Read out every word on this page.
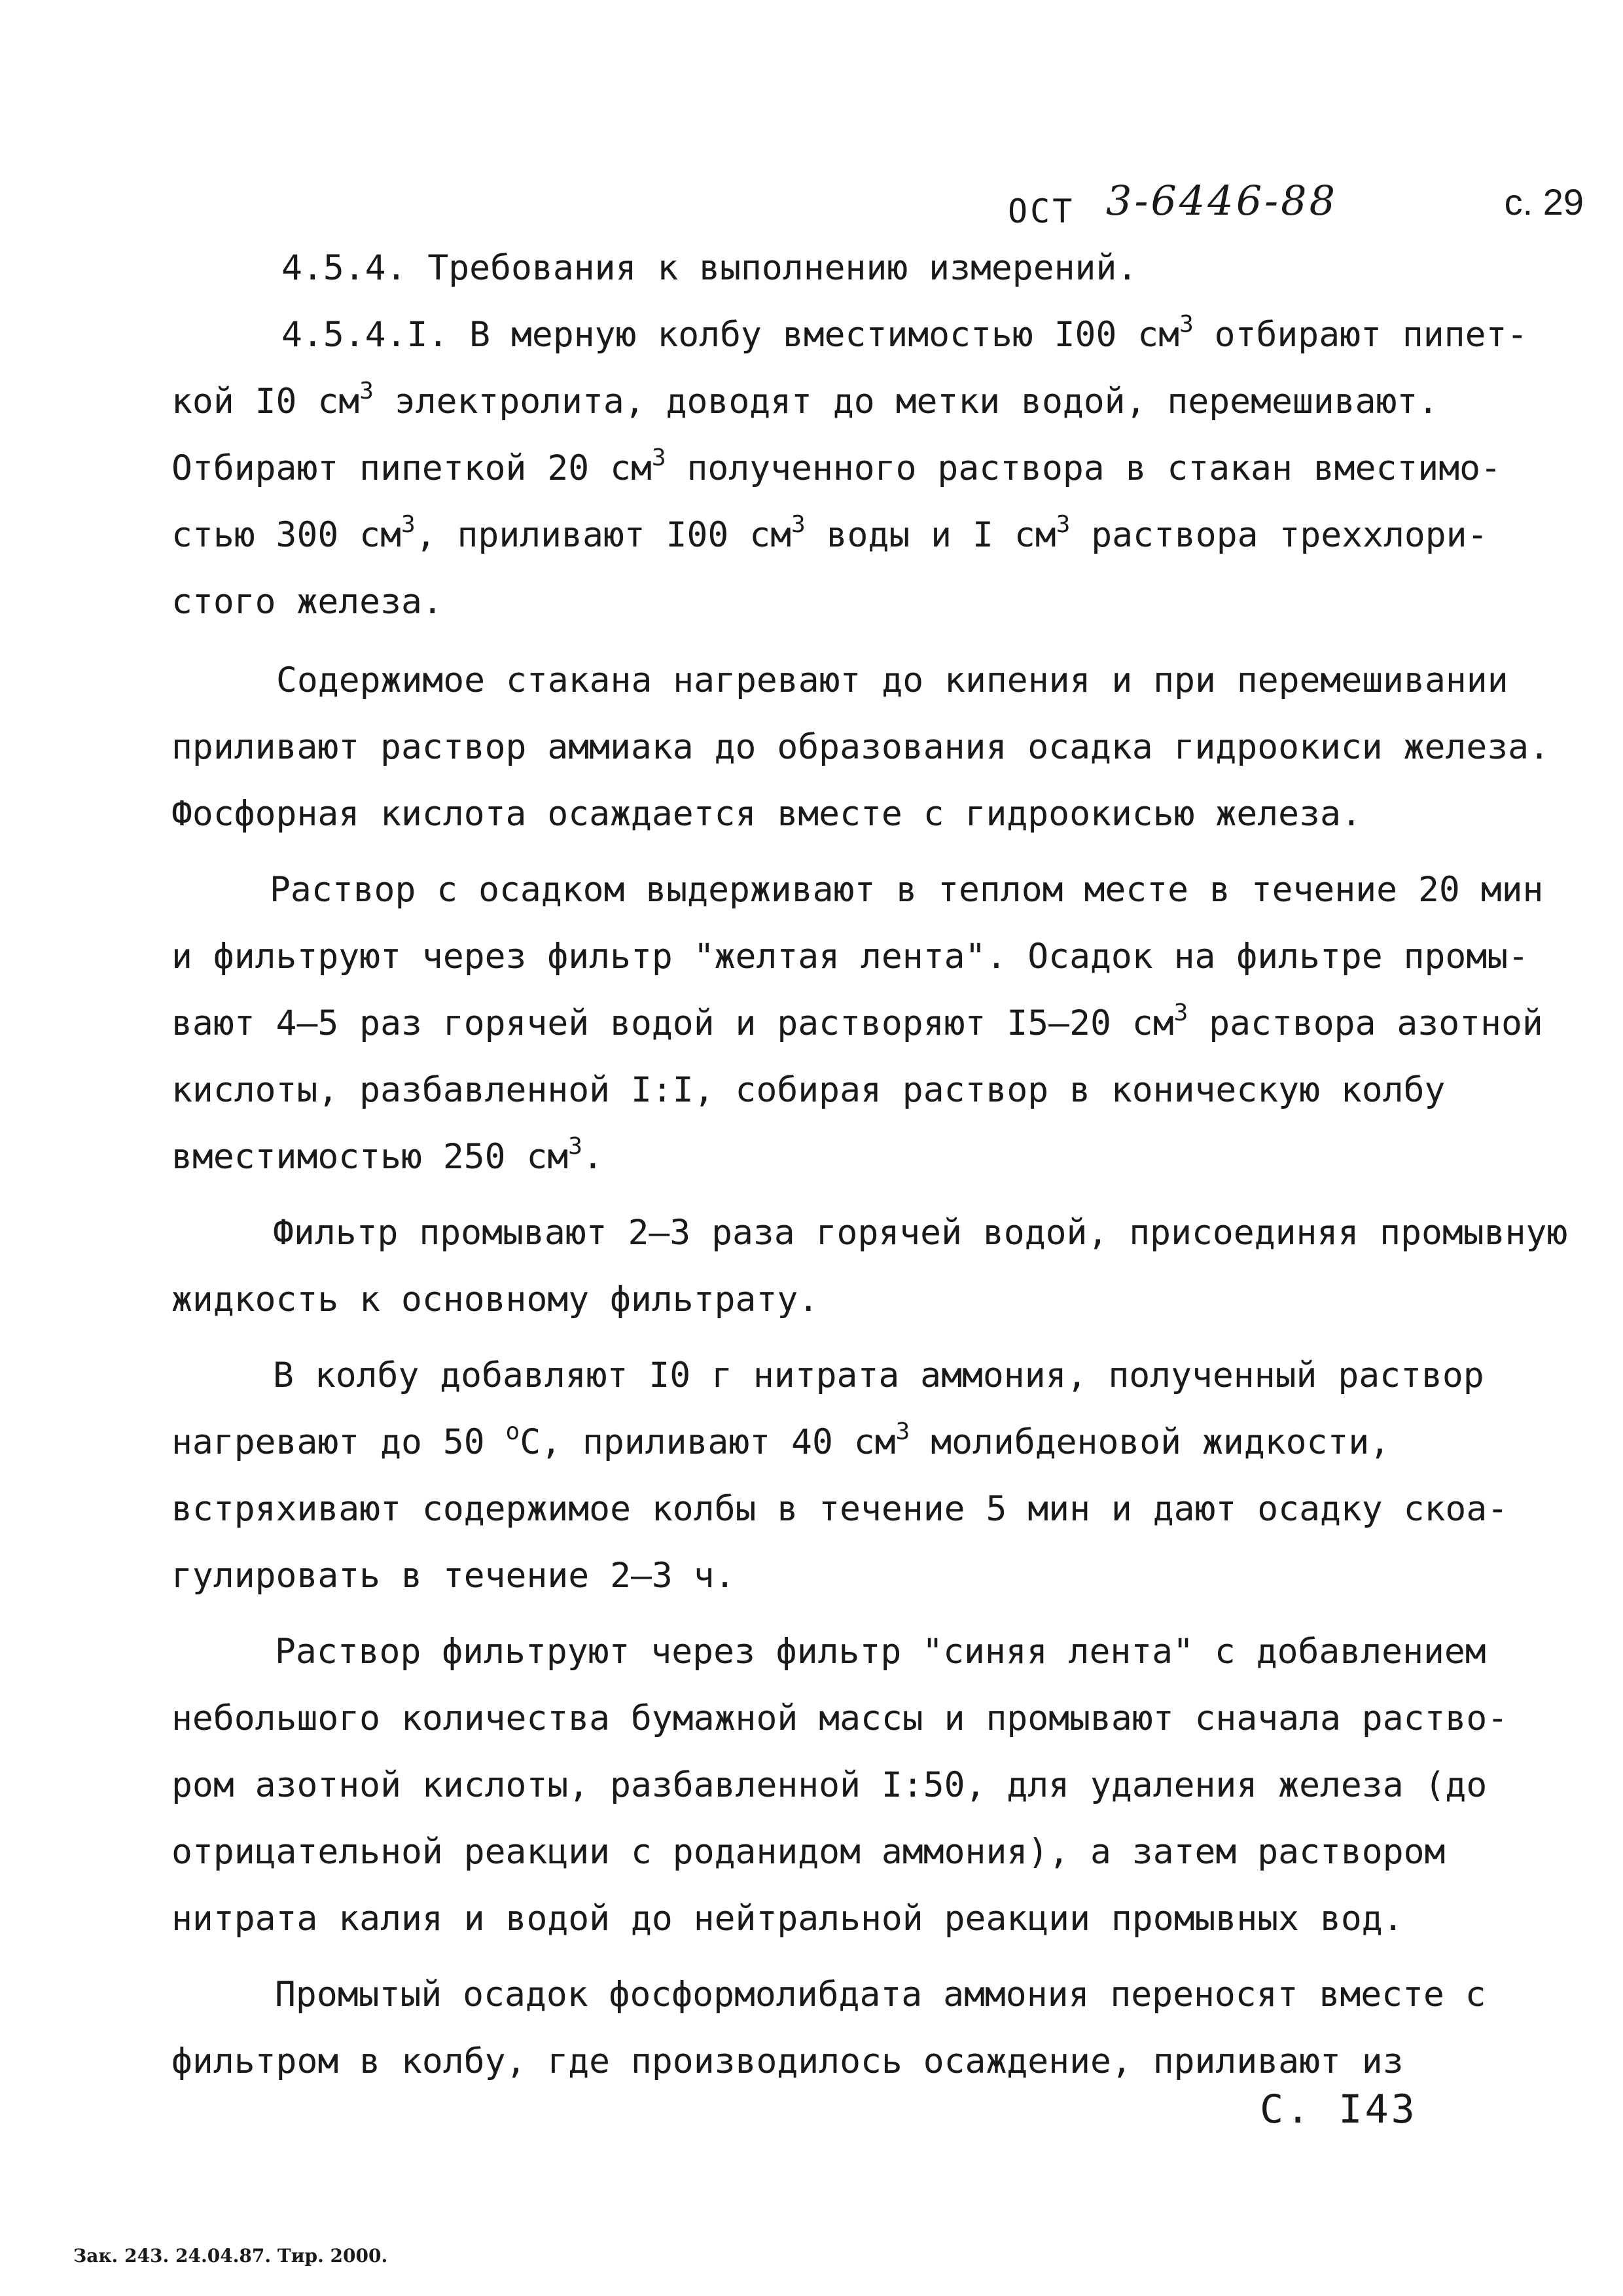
ОСТ 3-6446-88	с. 29
4.5.4. Требования к выполнению измерений.
4.5.4.I. В мерную колбу вместимостью I00 $см^3$ отбирают пипет-
кой I0 $см^3$ электролита, доводят до метки водой, перемешивают.
Отбирают пипеткой 20 $см^3$ полученного раствора в стакан вместимо-
стью 300 $см^3$, приливают I00 $см^3$ воды и I $см^3$ раствора треххлори-
стого железа.
Содержимое стакана нагревают до кипения и при перемешивании
приливают раствор аммиака до образования осадка гидроокиси железа.
Фосфорная кислота осаждается вместе с гидроокисью железа.
Раствор с осадком выдерживают в теплом месте в течение 20 мин
и фильтруют через фильтр "желтая лента". Осадок на фильтре промы-
вают 4–5 раз горячей водой и растворяют I5–20 $см^3$ раствора азотной
кислоты, разбавленной I:I, собирая раствор в коническую колбу
вместимостью 250 $см^3$.
Фильтр промывают 2–3 раза горячей водой, присоединяя промывную
жидкость к основному фильтрату.
В колбу добавляют I0 г нитрата аммония, полученный раствор
нагревают до 50 $^о$С, приливают 40 $см^3$ молибденовой жидкости,
встряхивают содержимое колбы в течение 5 мин и дают осадку скоа-
гулировать в течение 2–3 ч.
Раствор фильтруют через фильтр "синяя лента" с добавлением
небольшого количества бумажной массы и промывают сначала раство-
ром азотной кислоты, разбавленной I:50, для удаления железа (до
отрицательной реакции с роданидом аммония), а затем раствором
нитрата калия и водой до нейтральной реакции промывных вод.
Промытый осадок фосформолибдата аммония переносят вместе с
фильтром в колбу, где производилось осаждение, приливают из
С. I43
Зак. 243. 24.04.87. Тир. 2000.
